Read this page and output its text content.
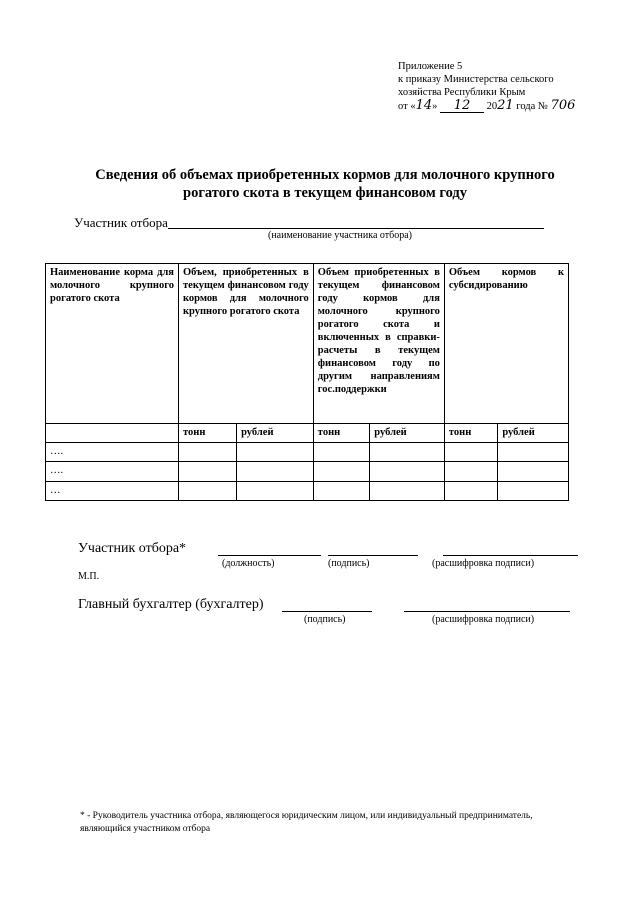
Приложение 5
к приказу Министерства сельского
хозяйства Республики Крым
от «14» 12 2021 года № 706
Сведения об объемах приобретенных кормов для молочного крупного рогатого скота в текущем финансовом году
Участник отбора
(наименование участника отбора)
Наименование корма для молочного крупного рогатого скота	Объем, приобретенных в текущем финансовом году кормов для молочного крупного рогатого скота		Объем приобретенных в текущем финансовом году кормов для молочного крупного рогатого скота и включенных в справки-расчеты в текущем финансовом году по другим направлениям гос.поддержки		Объем кормов к субсидированию	
	тонн	рублей	тонн	рублей	тонн	рублей
….						
….						
…						
Участник отбора*
(должность)	(подпись)	(расшифровка подписи)
М.П.
Главный бухгалтер (бухгалтер)
(подпись)	(расшифровка подписи)
* - Руководитель участника отбора, являющегося юридическим лицом, или индивидуальный предприниматель, являющийся участником отбора
